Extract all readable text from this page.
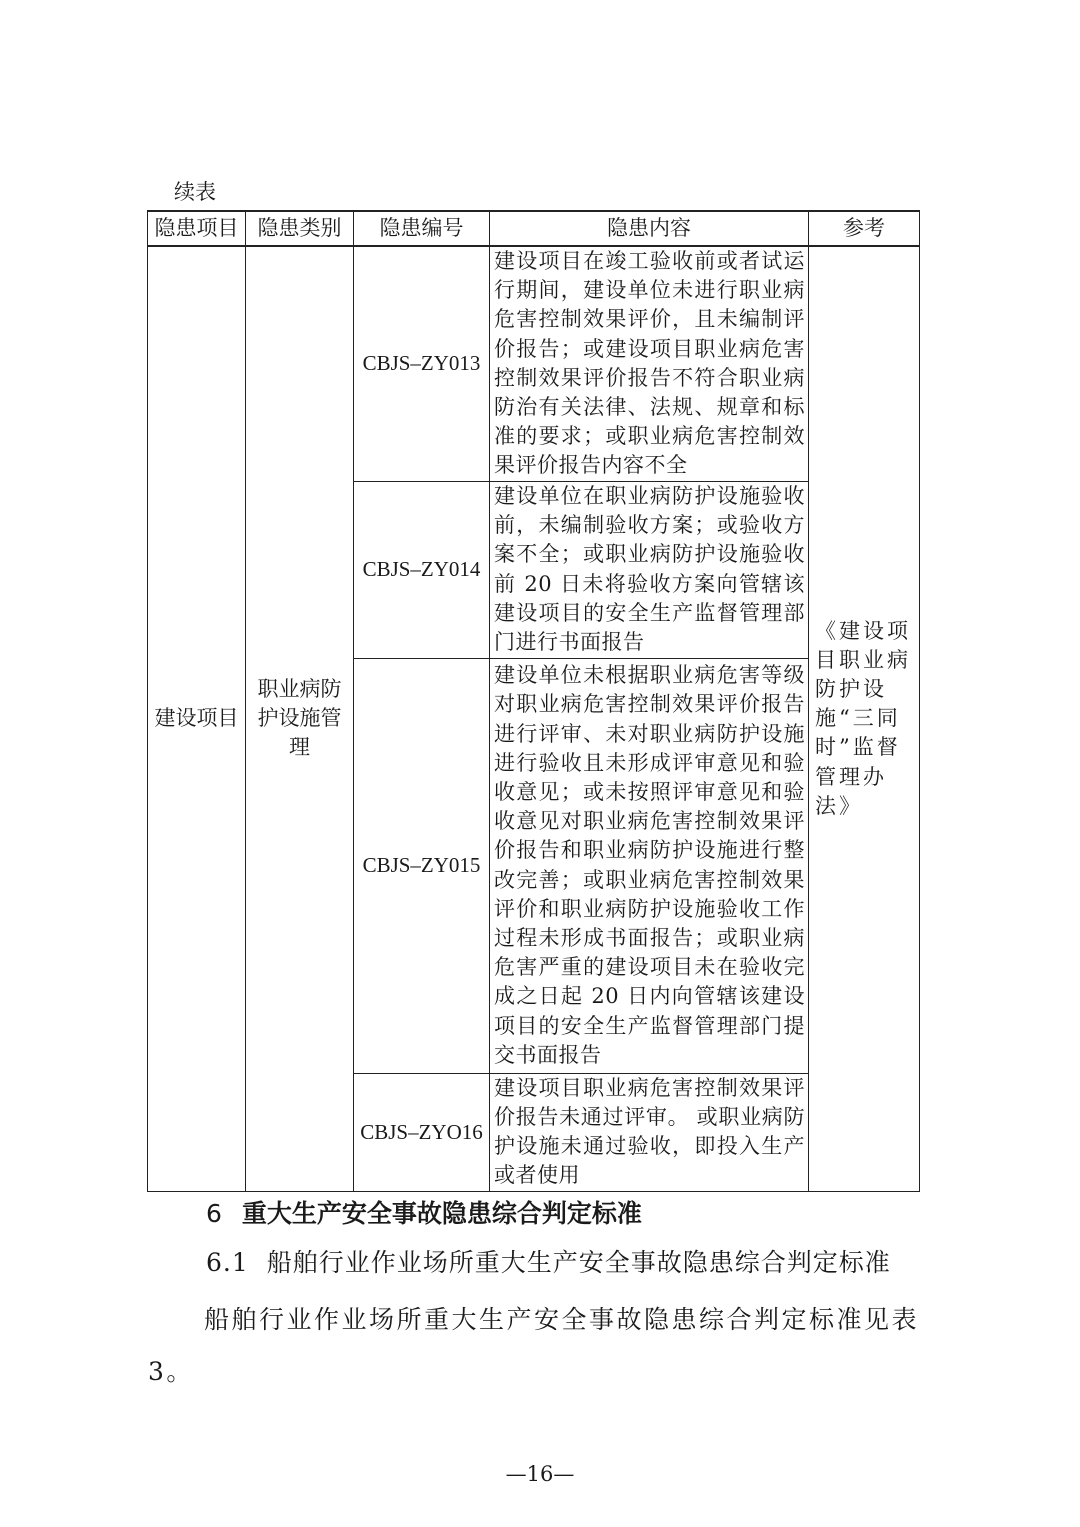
续表
隐患项目	隐患类别	隐患编号	隐患内容	参考
建设项目	职业病防护设施管理	CBJS–ZY013	建设项目在竣工验收前或者试运行期间，建设单位未进行职业病危害控制效果评价，且未编制评价报告；或建设项目职业病危害控制效果评价报告不符合职业病防治有关法律、法规、规章和标准的要求；或职业病危害控制效果评价报告内容不全	《建设项目职业病防护设施“三同时”监督管理办法》
		CBJS–ZY014	建设单位在职业病防护设施验收前，未编制验收方案；或验收方案不全；或职业病防护设施验收前 20 日未将验收方案向管辖该建设项目的安全生产监督管理部门进行书面报告	
		CBJS–ZY015	建设单位未根据职业病危害等级对职业病危害控制效果评价报告进行评审、未对职业病防护设施进行验收且未形成评审意见和验收意见；或未按照评审意见和验收意见对职业病危害控制效果评价报告和职业病防护设施进行整改完善；或职业病危害控制效果评价和职业病防护设施验收工作过程未形成书面报告；或职业病危害严重的建设项目未在验收完成之日起 20 日内向管辖该建设项目的安全生产监督管理部门提交书面报告	
		CBJS–ZYO16	建设项目职业病危害控制效果评价报告未通过评审。 或职业病防护设施未通过验收，即投入生产或者使用	
6 重大生产安全事故隐患综合判定标准
6.1 船舶行业作业场所重大生产安全事故隐患综合判定标准

船舶行业作业场所重大生产安全事故隐患综合判定标准见表 3。

—16—
